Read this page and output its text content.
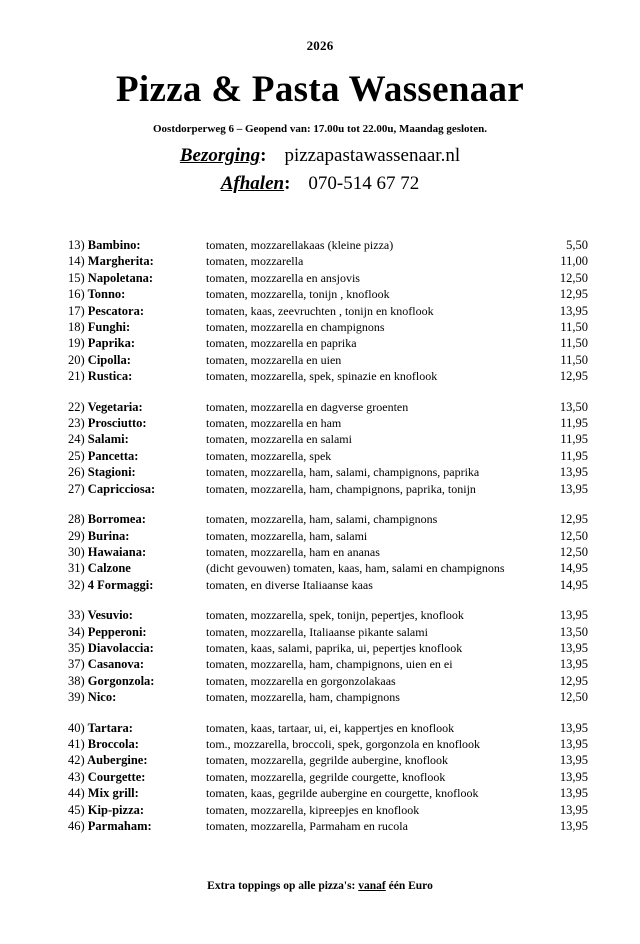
2026
Pizza & Pasta Wassenaar
Oostdorperweg 6 – Geopend van: 17.00u tot 22.00u, Maandag gesloten.
Bezorging: pizzapastawassenaar.nl
Afhalen: 070-514 67 72
13) Bambino:	tomaten, mozzarellakaas (kleine pizza)	5,50
14) Margherita:	tomaten, mozzarella	11,00
15) Napoletana:	tomaten, mozzarella en ansjovis	12,50
16) Tonno:	tomaten, mozzarella, tonijn , knoflook	12,95
17) Pescatora:	tomaten, kaas, zeevruchten , tonijn en knoflook	13,95
18) Funghi:	tomaten, mozzarella en champignons	11,50
19) Paprika:	tomaten, mozzarella en paprika	11,50
20) Cipolla:	tomaten, mozzarella en uien	11,50
21) Rustica:	tomaten, mozzarella, spek, spinazie en knoflook	12,95
22) Vegetaria:	tomaten, mozzarella en dagverse groenten	13,50
23) Prosciutto:	tomaten, mozzarella en ham	11,95
24) Salami:	tomaten, mozzarella en salami	11,95
25) Pancetta:	tomaten, mozzarella, spek	11,95
26) Stagioni:	tomaten, mozzarella, ham, salami, champignons, paprika	13,95
27) Capricciosa:	tomaten, mozzarella, ham, champignons, paprika, tonijn	13,95
28) Borromea:	tomaten, mozzarella, ham, salami, champignons	12,95
29) Burina:	tomaten, mozzarella, ham, salami	12,50
30) Hawaiana:	tomaten, mozzarella, ham en ananas	12,50
31) Calzone	(dicht gevouwen) tomaten, kaas, ham, salami en champignons	14,95
32) 4 Formaggi:	tomaten, en diverse Italiaanse kaas	14,95
33) Vesuvio:	tomaten, mozzarella, spek, tonijn, pepertjes, knoflook	13,95
34) Pepperoni:	tomaten, mozzarella, Italiaanse pikante salami	13,50
35) Diavolaccia:	tomaten, kaas, salami, paprika, ui, pepertjes knoflook	13,95
37) Casanova:	tomaten, mozzarella, ham, champignons, uien en ei	13,95
38) Gorgonzola:	tomaten, mozzarella en gorgonzolakaas	12,95
39) Nico:	tomaten, mozzarella, ham, champignons	12,50
40) Tartara:	tomaten, kaas, tartaar, ui, ei, kappertjes en knoflook	13,95
41) Broccola:	tom., mozzarella, broccoli, spek, gorgonzola en knoflook	13,95
42) Aubergine:	tomaten, mozzarella, gegrilde aubergine, knoflook	13,95
43) Courgette:	tomaten, mozzarella, gegrilde courgette, knoflook	13,95
44) Mix grill:	tomaten, kaas, gegrilde aubergine en courgette, knoflook	13,95
45) Kip-pizza:	tomaten, mozzarella, kipreepjes en knoflook	13,95
46) Parmaham:	tomaten, mozzarella, Parmaham en rucola	13,95
Extra toppings op alle pizza's: vanaf één Euro
